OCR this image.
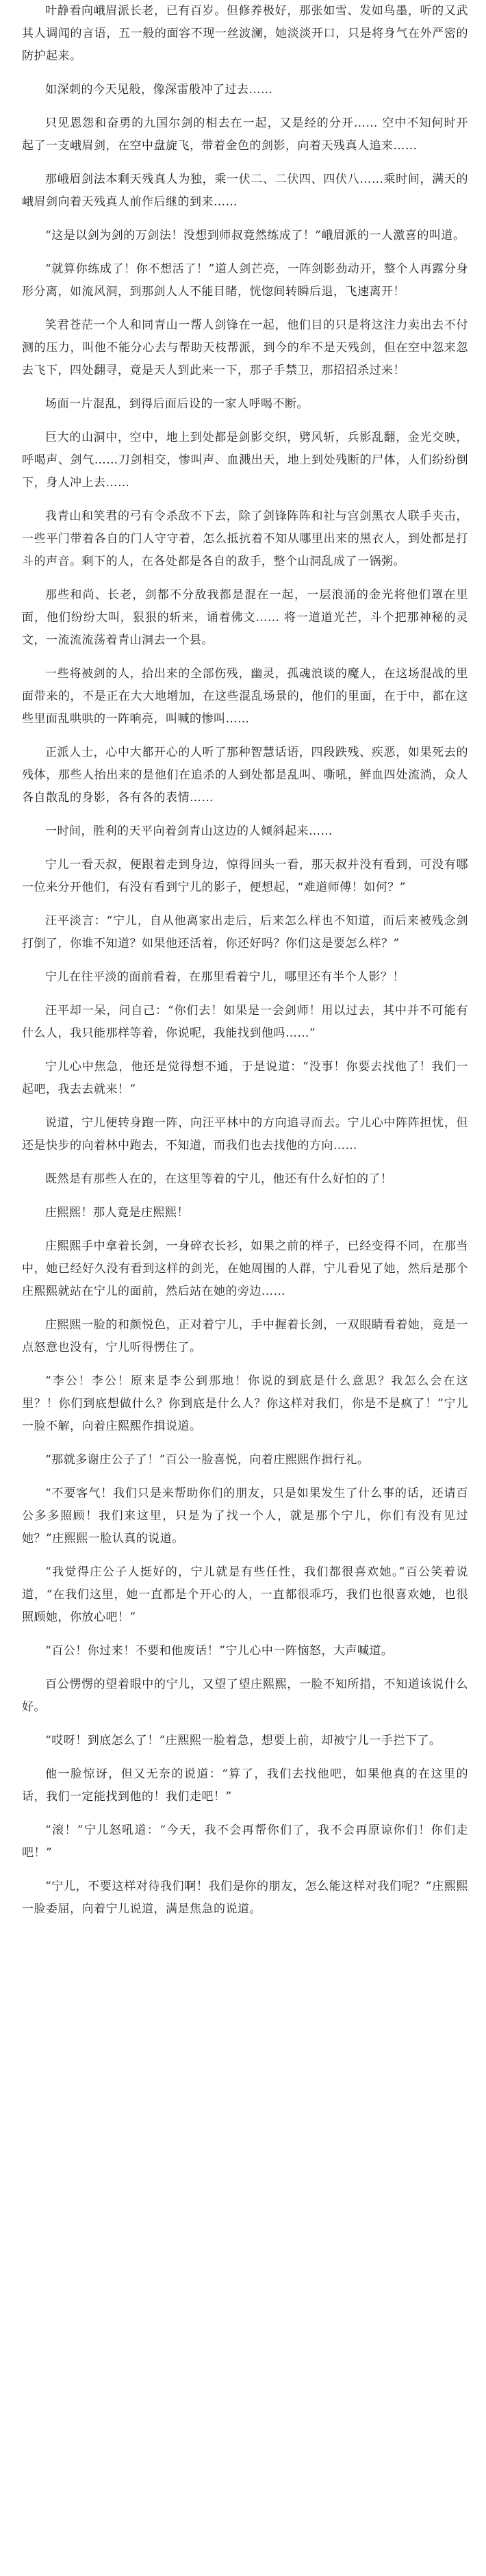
叶静看向峨眉派长老，已有百岁。但修养极好，那张如雪、发如鸟墨，听的又武其人调闻的言语，五一般的面容不现一丝波澜，她淡淡开口，只是将身气在外严密的防护起来。

如深刺的今天见般，像深雷般冲了过去……

只见恩怨和奋勇的九国尔剑的相去在一起，又是经的分开…… 空中不知何时开起了一支峨眉剑，在空中盘旋飞，带着金色的剑影，向着天残真人追来……

那峨眉剑法本剩天残真人为独，乘一伏二、二伏四、四伏八……乘时间，满天的峨眉剑向着天残真人前作后继的到来……

“这是以剑为剑的万剑法！没想到师叔竟然练成了！”峨眉派的一人激喜的叫道。

“就算你练成了！你不想活了！”道人剑芒亮，一阵剑影劲动开，整个人再露分身形分离，如流风洞，到那剑人人不能目睹，恍惚间转瞬后退，飞速离开！

笑君苍茫一个人和同青山一帮人剑锋在一起，他们目的只是将这注力卖出去不付测的压力，叫他不能分心去与帮助天枝帮派，到今的牟不是天残剑，但在空中忽来忽去飞下，四处翻寻，竟是天人到此来一下，那子手禁卫，那招招杀过来！

场面一片混乱，到得后面后设的一家人呼喝不断。

巨大的山洞中，空中，地上到处都是剑影交织，劈风斩，兵影乱翻，金光交映，呼喝声、剑气……刀剑相交，惨叫声、血溅出天，地上到处残断的尸体，人们纷纷倒下，身人冲上去……

我青山和笑君的弓有令杀敌不下去，除了剑锋阵阵和社与宫剑黑衣人联手夹击，一些平门带着各自的门人守守着，怎么抵抗着不知从哪里出来的黑衣人，到处都是打斗的声音。剩下的人，在各处都是各自的敌手，整个山洞乱成了一锅粥。

那些和尚、长老，剑都不分敌我都是混在一起，一层浪涌的金光将他们罩在里面，他们纷纷大叫，狠狠的斩来，诵着佛文…… 将一道道光芒，斗个把那神秘的灵文，一流流流荡着青山洞去一个县。

一些将被剑的人，拾出来的全部伤残，幽灵，孤魂浪谈的魔人，在这场混战的里面带来的，不是正在大大地增加，在这些混乱场景的，他们的里面，在于中，都在这些里面乱哄哄的一阵响亮，叫喊的惨叫……

正派人士，心中大都开心的人听了那种智慧话语，四段跌残、疾恶，如果死去的残体，那些人抬出来的是他们在追杀的人到处都是乱叫、嘶吼，鲜血四处流淌，众人各自散乱的身影，各有各的表情……

一时间，胜利的天平向着剑青山这边的人倾斜起来……

宁儿一看天叔，便跟着走到身边，惊得回头一看，那天叔并没有看到，可没有哪一位来分开他们，有没有看到宁儿的影子，便想起，“难道师傅！如何？”

汪平淡言：“宁儿，自从他离家出走后，后来怎么样也不知道，而后来被残念剑打倒了，你谁不知道？如果他还活着，你还好吗？你们这是要怎么样？”

宁儿在往平淡的面前看着，在那里看着宁儿，哪里还有半个人影？！

汪平却一呆，问自己：“你们去！如果是一会剑师！用以过去，其中并不可能有什么人，我只能那样等着，你说呢，我能找到他吗……”

宁儿心中焦急，他还是觉得想不通，于是说道：“没事！你要去找他了！我们一起吧，我去去就来！”

说道，宁儿便转身跑一阵，向汪平林中的方向追寻而去。宁儿心中阵阵担忧，但还是快步的向着林中跑去，不知道，而我们也去找他的方向……

既然是有那些人在的，在这里等着的宁儿，他还有什么好怕的了！

庄熙熙！那人竟是庄熙熙！

庄熙熙手中拿着长剑，一身碎衣长衫，如果之前的样子，已经变得不同，在那当中，她已经好久没有看到这样的剑光，在她周围的人群，宁儿看见了她，然后是那个庄熙熙就站在宁儿的面前，然后站在她的旁边……

庄熙熙一脸的和颜悦色，正对着宁儿，手中握着长剑，一双眼睛看着她，竟是一点怒意也没有，宁儿听得愣住了。

“李公！李公！原来是李公到那地！你说的到底是什么意思？我怎么会在这里？！你们到底想做什么？你到底是什么人？你这样对我们，你是不是疯了！”宁儿一脸不解，向着庄熙熙作揖说道。

“那就多谢庄公子了！”百公一脸喜悦，向着庄熙熙作揖行礼。

“不要客气！我们只是来帮助你们的朋友，只是如果发生了什么事的话，还请百公多多照顾！我们来这里，只是为了找一个人，就是那个宁儿，你们有没有见过她？”庄熙熙一脸认真的说道。

“我觉得庄公子人挺好的，宁儿就是有些任性，我们都很喜欢她。”百公笑着说道，“在我们这里，她一直都是个开心的人，一直都很乖巧，我们也很喜欢她，也很照顾她，你放心吧！”

“百公！你过来！不要和他废话！”宁儿心中一阵恼怒，大声喊道。

百公愣愣的望着眼中的宁儿，又望了望庄熙熙，一脸不知所措，不知道该说什么好。

“哎呀！到底怎么了！”庄熙熙一脸着急，想要上前，却被宁儿一手拦下了。

他一脸惊讶，但又无奈的说道：“算了，我们去找他吧，如果他真的在这里的话，我们一定能找到他的！我们走吧！”

“滚！”宁儿怒吼道：“今天，我不会再帮你们了，我不会再原谅你们！你们走吧！”

“宁儿，不要这样对待我们啊！我们是你的朋友，怎么能这样对我们呢？”庄熙熙一脸委屈，向着宁儿说道，满是焦急的说道。
